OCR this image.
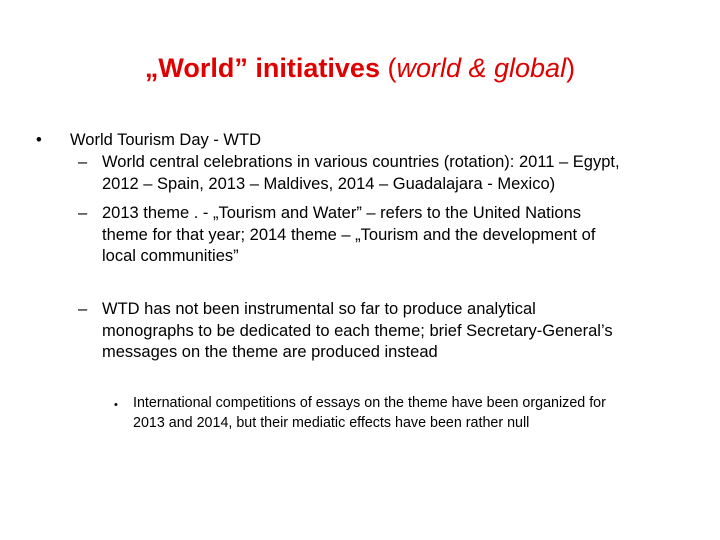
„World” initiatives (world & global)
• World Tourism Day - WTD
– World central celebrations in various countries (rotation): 2011 – Egypt,
2012 – Spain, 2013 – Maldives, 2014 – Guadalajara - Mexico)
– 2013 theme . - „Tourism and Water” – refers to the United Nations
theme for that year; 2014 theme – „Tourism and the development of
local communities”
– WTD has not been instrumental so far to produce analytical
monographs to be dedicated to each theme; brief Secretary-General’s
messages on the theme are produced instead
• International competitions of essays on the theme have been organized for
2013 and 2014, but their mediatic effects have been rather null
